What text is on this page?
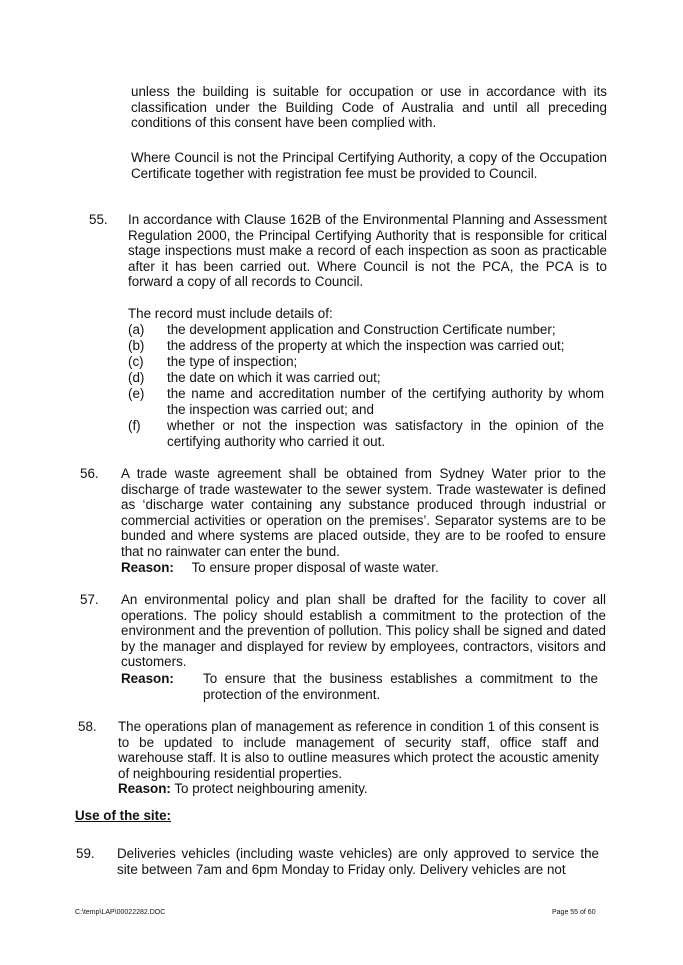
unless the building is suitable for occupation or use in accordance with its classification under the Building Code of Australia and until all preceding conditions of this consent have been complied with.

Where Council is not the Principal Certifying Authority, a copy of the Occupation Certificate together with registration fee must be provided to Council.

55. In accordance with Clause 162B of the Environmental Planning and Assessment Regulation 2000, the Principal Certifying Authority that is responsible for critical stage inspections must make a record of each inspection as soon as practicable after it has been carried out. Where Council is not the PCA, the PCA is to forward a copy of all records to Council.

The record must include details of:

(a) the development application and Construction Certificate number;
(b) the address of the property at which the inspection was carried out;
(c) the type of inspection;
(d) the date on which it was carried out;
(e) the name and accreditation number of the certifying authority by whom the inspection was carried out; and
(f) whether or not the inspection was satisfactory in the opinion of the certifying authority who carried it out.
56. A trade waste agreement shall be obtained from Sydney Water prior to the discharge of trade wastewater to the sewer system. Trade wastewater is defined as ‘discharge water containing any substance produced through industrial or commercial activities or operation on the premises’. Separator systems are to be bunded and where systems are placed outside, they are to be roofed to ensure that no rainwater can enter the bund.

Reason: To ensure proper disposal of waste water.
57. An environmental policy and plan shall be drafted for the facility to cover all operations. The policy should establish a commitment to the protection of the environment and the prevention of pollution. This policy shall be signed and dated by the manager and displayed for review by employees, contractors, visitors and customers.

Reason: To ensure that the business establishes a commitment to the protection of the environment.

58. The operations plan of management as reference in condition 1 of this consent is to be updated to include management of security staff, office staff and warehouse staff. It is also to outline measures which protect the acoustic amenity of neighbouring residential properties.

Reason: To protect neighbouring amenity.
Use of the site:
59. Deliveries vehicles (including waste vehicles) are only approved to service the site between 7am and 6pm Monday to Friday only. Delivery vehicles are not

C:\temp\LAP\00022282.DOC	Page 55 of 60
